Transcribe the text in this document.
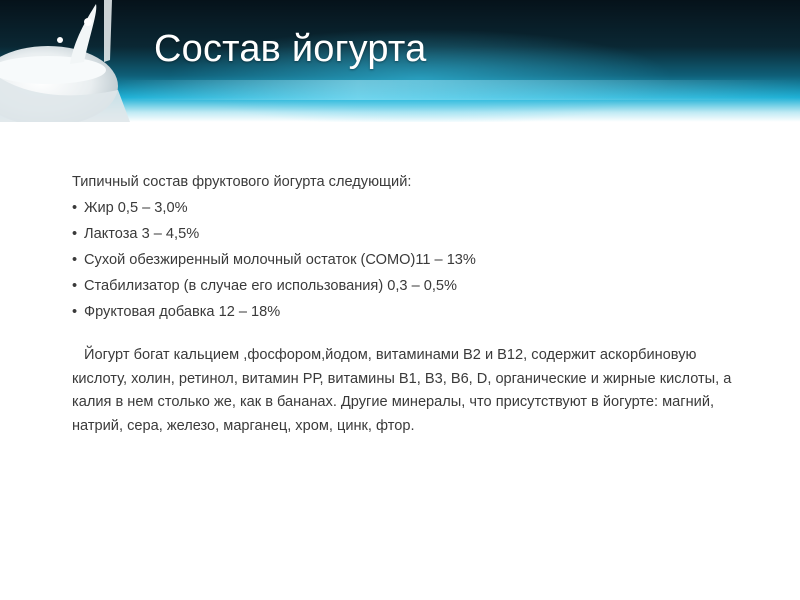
Состав йогурта

Типичный состав фруктового йогурта следующий:

• Жир 0,5 – 3,0%
• Лактоза 3 – 4,5%
• Сухой обезжиренный молочный остаток (СОМО)11 – 13%
• Стабилизатор (в случае его использования) 0,3 – 0,5%
• Фруктовая добавка 12 – 18%

Йогурт богат кальцием ,фосфором,йодом, витаминами В2 и В12, содержит аскорбиновую кислоту, холин, ретинол, витамин РР, витамины В1, В3, В6, D, органические и жирные кислоты, а калия в нем столько же, как в бананах. Другие минералы, что присутствуют в йогурте: магний, натрий, сера, железо, марганец, хром, цинк, фтор.
